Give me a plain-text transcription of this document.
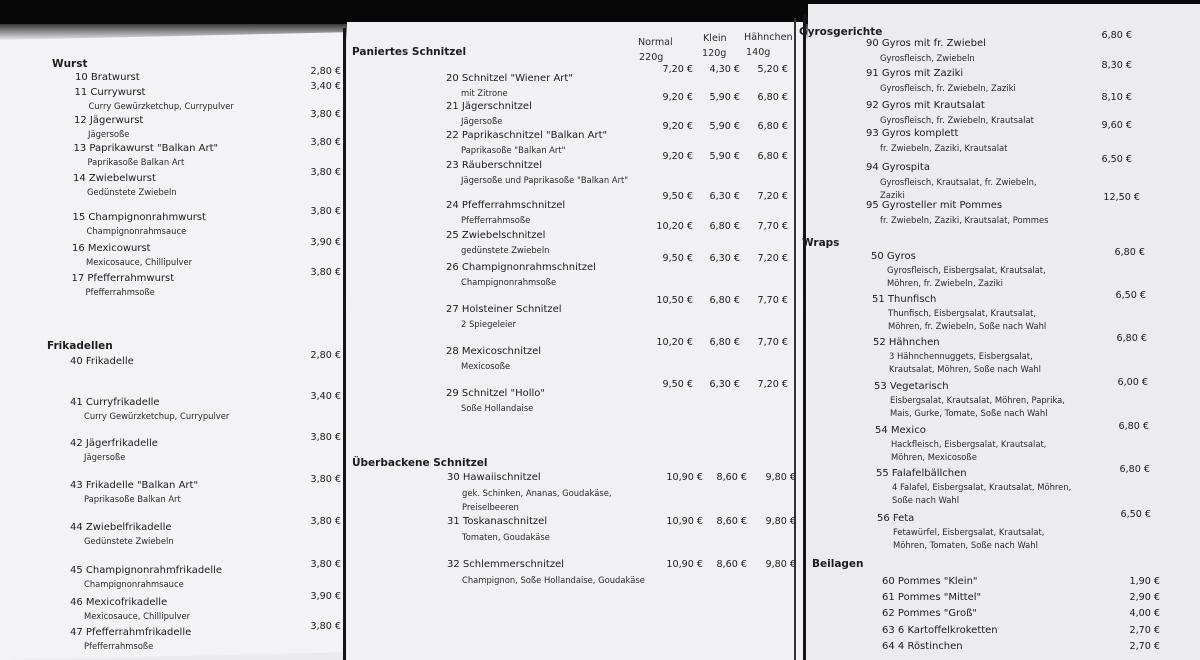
Wurst
10 Bratwurst
2,80 €
11 Currywurst
Curry Gewürzketchup, Currypulver
3,40 €
12 Jägerwurst
Jägersoße
3,80 €
13 Paprikawurst "Balkan Art"
Paprikasoße Balkan Art
3,80 €
14 Zwiebelwurst
Gedünstete Zwiebeln
3,80 €
15 Champignonrahmwurst
Champignonrahmsauce
3,80 €
16 Mexicowurst
Mexicosauce, Chillipulver
3,90 €
17 Pfefferrahmwurst
Pfefferrahmsoße
3,80 €
Frikadellen
40 Frikadelle
2,80 €
41 Curryfrikadelle
Curry Gewürzketchup, Currypulver
3,40 €
42 Jägerfrikadelle
Jägersoße
3,80 €
43 Frikadelle "Balkan Art"
Paprikasoße Balkan Art
3,80 €
44 Zwiebelfrikadelle
Gedünstete Zwiebeln
3,80 €
45 Champignonrahmfrikadelle
Champignonrahmsauce
3,80 €
46 Mexicofrikadelle
Mexicosauce, Chillipulver
3,90 €
47 Pfefferrahmfrikadelle
Pfefferrahmsoße
3,80 €
Paniertes Schnitzel
Normal
220g
Klein
120g
Hähnchen
140g
20 Schnitzel "Wiener Art"
mit Zitrone
7,20 € 4,30 € 5,20 €
21 Jägerschnitzel
Jägersoße
9,20 € 5,90 € 6,80 €
22 Paprikaschnitzel "Balkan Art"
Paprikasoße "Balkan Art"
9,20 € 5,90 € 6,80 €
23 Räuberschnitzel
Jägersoße und Paprikasoße "Balkan Art"
9,20 € 5,90 € 6,80 €
24 Pfefferrahmschnitzel
Pfefferrahmsoße
9,50 € 6,30 € 7,20 €
25 Zwiebelschnitzel
gedünstete Zwiebeln
10,20 € 6,80 € 7,70 €
26 Champignonrahmschnitzel
Champignonrahmsoße
9,50 € 6,30 € 7,20 €
27 Holsteiner Schnitzel
2 Spiegeleier
10,50 € 6,80 € 7,70 €
28 Mexicoschnitzel
Mexicosoße
10,20 € 6,80 € 7,70 €
29 Schnitzel "Hollo"
Soße Hollandaise
9,50 € 6,30 € 7,20 €
Überbackene Schnitzel
30 Hawaiischnitzel
gek. Schinken, Ananas, Goudakäse,
Preiselbeeren
10,90 € 8,60 € 9,80 €
31 Toskanaschnitzel
Tomaten, Goudakäse
10,90 € 8,60 € 9,80 €
32 Schlemmerschnitzel
Champignon, Soße Hollandaise, Goudakäse
10,90 € 8,60 € 9,80 €
Gyrosgerichte
90 Gyros mit fr. Zwiebel
Gyrosfleisch, Zwiebeln
6,80 €
91 Gyros mit Zaziki
Gyrosfleisch, fr. Zwiebeln, Zaziki
8,30 €
92 Gyros mit Krautsalat
Gyrosfleisch, fr. Zwiebeln, Krautsalat
8,10 €
93 Gyros komplett
fr. Zwiebeln, Zaziki, Krautsalat
9,60 €
94 Gyrospita
Gyrosfleisch, Krautsalat, fr. Zwiebeln,
Zaziki
6,50 €
95 Gyrosteller mit Pommes
fr. Zwiebeln, Zaziki, Krautsalat, Pommes
12,50 €
Wraps
50 Gyros
Gyrosfleisch, Eisbergsalat, Krautsalat,
Möhren, fr. Zwiebeln, Zaziki
6,80 €
51 Thunfisch
Thunfisch, Eisbergsalat, Krautsalat,
Möhren, fr. Zwiebeln, Soße nach Wahl
6,50 €
52 Hähnchen
3 Hähnchennuggets, Eisbergsalat,
Krautsalat, Möhren, Soße nach Wahl
6,80 €
53 Vegetarisch
Eisbergsalat, Krautsalat, Möhren, Paprika,
Mais, Gurke, Tomate, Soße nach Wahl
6,00 €
54 Mexico
Hackfleisch, Eisbergsalat, Krautsalat,
Möhren, Mexicosoße
6,80 €
55 Falafelbällchen
4 Falafel, Eisbergsalat, Krautsalat, Möhren,
Soße nach Wahl
6,80 €
56 Feta
Fetawürfel, Eisbergsalat, Krautsalat,
Möhren, Tomaten, Soße nach Wahl
6,50 €
Beilagen
60 Pommes "Klein"	1,90 €
61 Pommes "Mittel"	2,90 €
62 Pommes "Groß"	4,00 €
63 6 Kartoffelkroketten	2,70 €
64 4 Röstinchen	2,70 €
